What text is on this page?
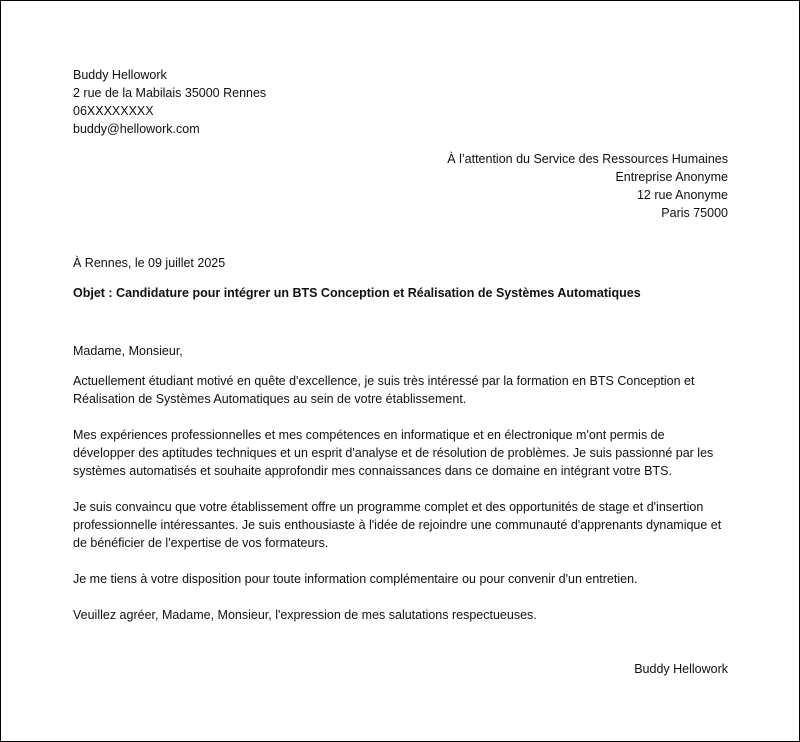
Buddy Hellowork
2 rue de la Mabilais 35000 Rennes
06XXXXXXXX
buddy@hellowork.com
À l’attention du Service des Ressources Humaines
Entreprise Anonyme
12 rue Anonyme
Paris 75000
À Rennes, le 09 juillet 2025
Objet : Candidature pour intégrer un BTS Conception et Réalisation de Systèmes Automatiques
Madame, Monsieur,

Actuellement étudiant motivé en quête d'excellence, je suis très intéressé par la formation en BTS Conception et Réalisation de Systèmes Automatiques au sein de votre établissement.

Mes expériences professionnelles et mes compétences en informatique et en électronique m'ont permis de développer des aptitudes techniques et un esprit d'analyse et de résolution de problèmes. Je suis passionné par les systèmes automatisés et souhaite approfondir mes connaissances dans ce domaine en intégrant votre BTS.

Je suis convaincu que votre établissement offre un programme complet et des opportunités de stage et d'insertion professionnelle intéressantes. Je suis enthousiaste à l'idée de rejoindre une communauté d'apprenants dynamique et de bénéficier de l'expertise de vos formateurs.

Je me tiens à votre disposition pour toute information complémentaire ou pour convenir d'un entretien.

Veuillez agréer, Madame, Monsieur, l'expression de mes salutations respectueuses.

Buddy Hellowork
